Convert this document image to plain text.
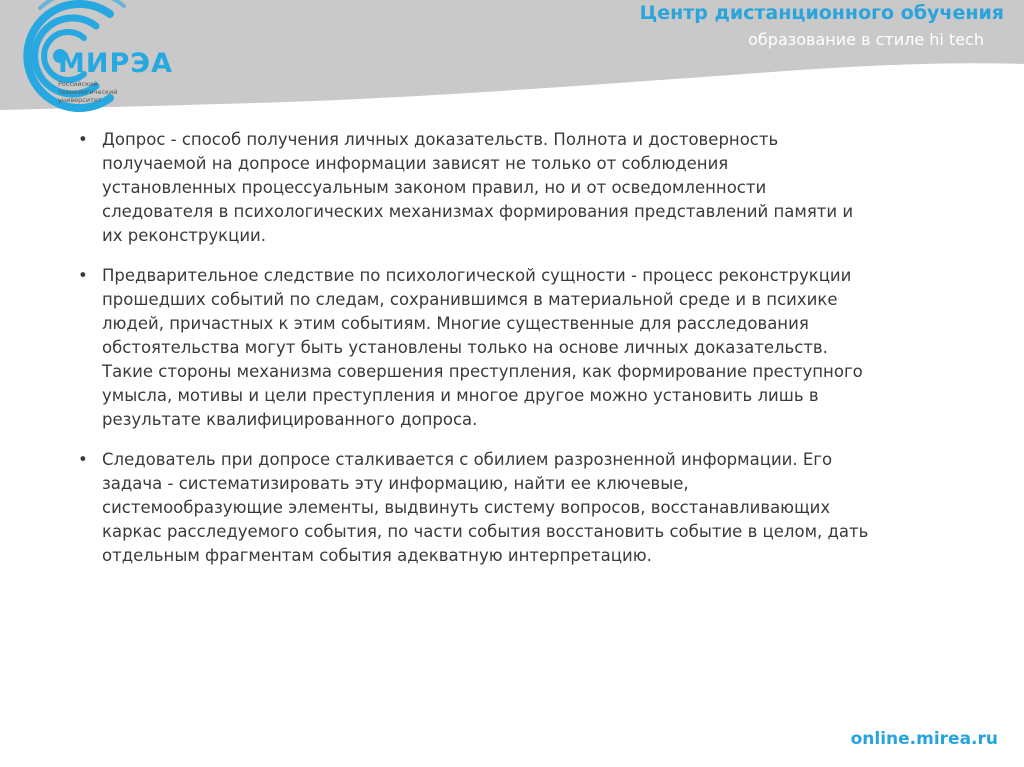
МИРЭА
Российский
технологический
университет
Центр дистанционного обучения
образование в стиле hi tech
• Допрос - способ получения личных доказательств. Полнота и достоверность
получаемой на допросе информации зависят не только от соблюдения
установленных процессуальным законом правил, но и от осведомленности
следователя в психологических механизмах формирования представлений памяти и
их реконструкции.
• Предварительное следствие по психологической сущности - процесс реконструкции
прошедших событий по следам, сохранившимся в материальной среде и в психике
людей, причастных к этим событиям. Многие существенные для расследования
обстоятельства могут быть установлены только на основе личных доказательств.
Такие стороны механизма совершения преступления, как формирование преступного
умысла, мотивы и цели преступления и многое другое можно установить лишь в
результате квалифицированного допроса.
• Следователь при допросе сталкивается с обилием разрозненной информации. Его
задача - систематизировать эту информацию, найти ее ключевые,
системообразующие элементы, выдвинуть систему вопросов, восстанавливающих
каркас расследуемого события, по части события восстановить событие в целом, дать
отдельным фрагментам события адекватную интерпретацию.
online.mirea.ru
